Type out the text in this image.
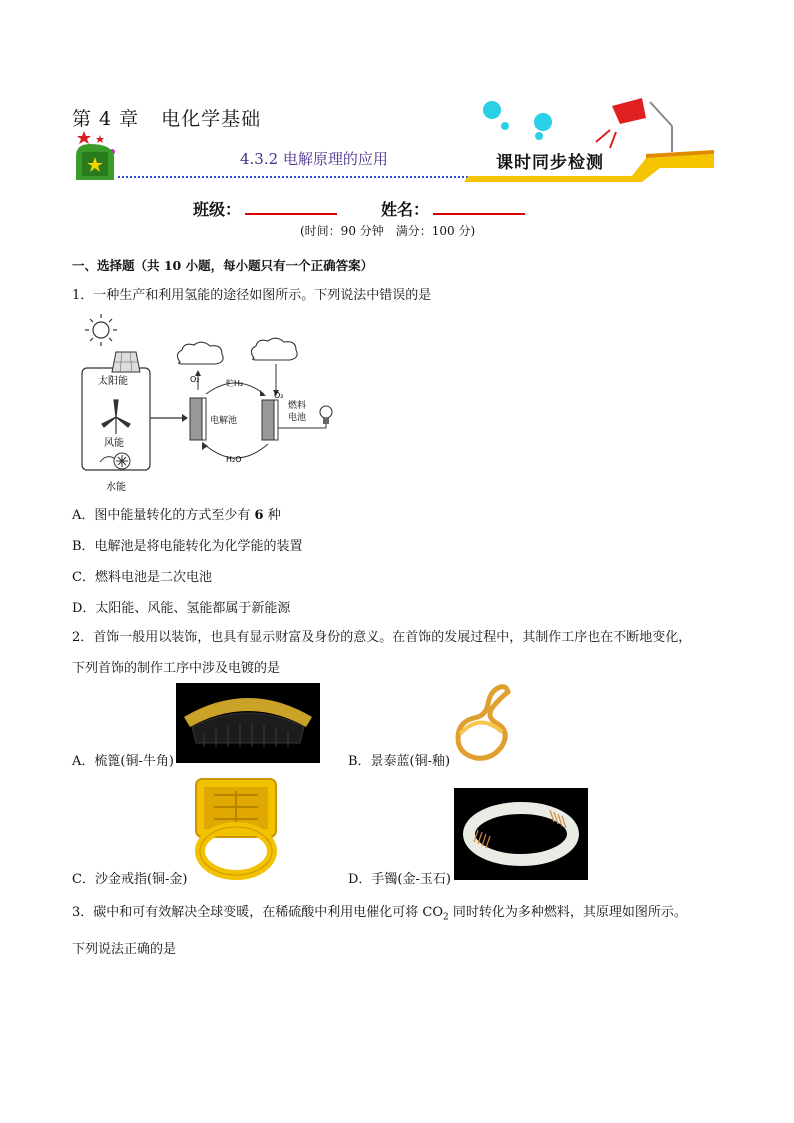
第 4 章 电化学基础
4.3.2 电解原理的应用	课时同步检测
班级：	姓名：
(时间：90 分钟　满分：100 分)
一、选择题（共 10 小题，每小题只有一个正确答案）
1．一种生产和利用氢能的途径如图所示。下列说法中错误的是
太阳能
风能
水能
电解池
燃料
电池
O₂	贮H₂
O₂
H₂O
A．图中能量转化的方式至少有 6 种
B．电解池是将电能转化为化学能的装置
C．燃料电池是二次电池
D．太阳能、风能、氢能都属于新能源
2．首饰一般用以装饰，也具有显示财富及身份的意义。在首饰的发展过程中，其制作工序也在不断地变化，
下列首饰的制作工序中涉及电镀的是
A．梳篦(铜-牛角)	B．景泰蓝(铜-釉)
C．沙金戒指(铜-金)	D．手镯(金-玉石)
3．碳中和可有效解决全球变暖，在稀硫酸中利用电催化可将 $CO_2$ 同时转化为多种燃料，其原理如图所示。
下列说法正确的是
